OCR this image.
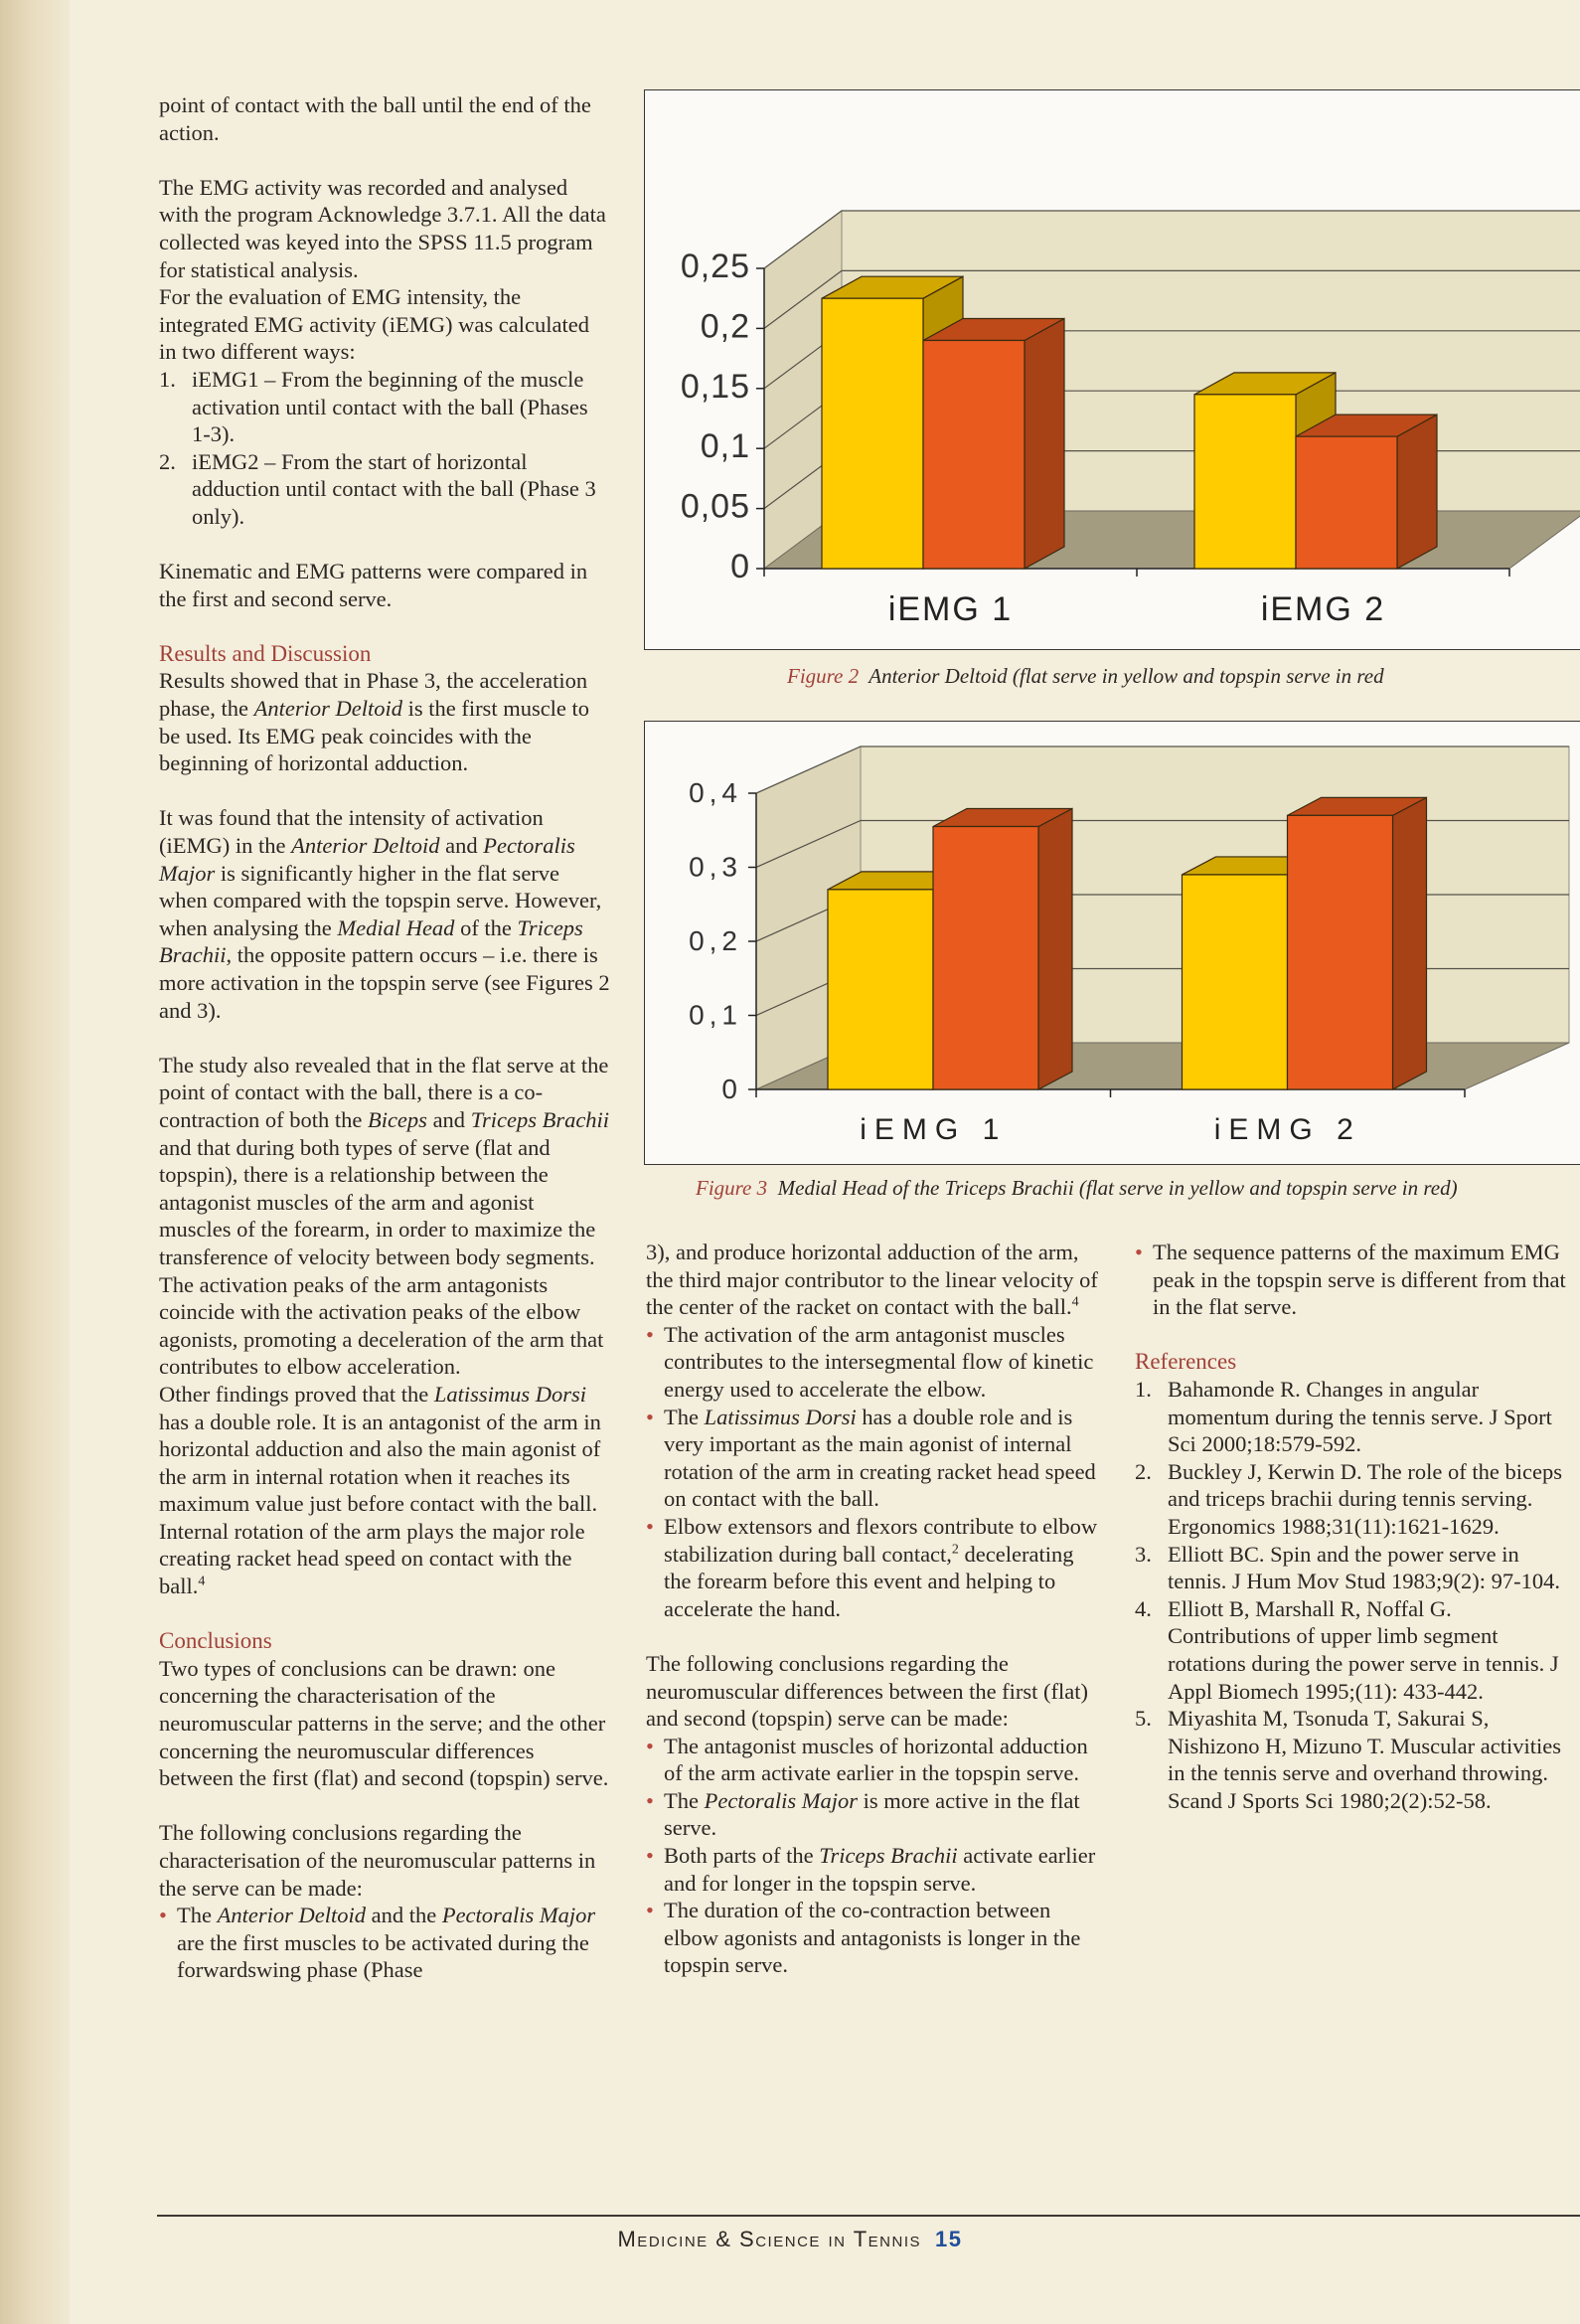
point of contact with the ball until the end of the action.

The EMG activity was recorded and analysed with the program Acknowledge 3.7.1. All the data collected was keyed into the SPSS 11.5 program for statistical analysis.

For the evaluation of EMG intensity, the integrated EMG activity (iEMG) was calculated in two different ways:

1. iEMG1 – From the beginning of the muscle activation until contact with the ball (Phases 1-3).
2. iEMG2 – From the start of horizontal adduction until contact with the ball (Phase 3 only).

Kinematic and EMG patterns were compared in the first and second serve.

Results and Discussion

Results showed that in Phase 3, the acceleration phase, the Anterior Deltoid is the first muscle to be used. Its EMG peak coincides with the beginning of horizontal adduction.

It was found that the intensity of activation (iEMG) in the Anterior Deltoid and Pectoralis Major is significantly higher in the flat serve when compared with the topspin serve. However, when analysing the Medial Head of the Triceps Brachii, the opposite pattern occurs – i.e. there is more activation in the topspin serve (see Figures 2 and 3).

The study also revealed that in the flat serve at the point of contact with the ball, there is a co-contraction of both the Biceps and Triceps Brachii and that during both types of serve (flat and topspin), there is a relationship between the antagonist muscles of the arm and agonist muscles of the forearm, in order to maximize the transference of velocity between body segments. The activation peaks of the arm antagonists coincide with the activation peaks of the elbow agonists, promoting a deceleration of the arm that contributes to elbow acceleration.

Other findings proved that the Latissimus Dorsi has a double role. It is an antagonist of the arm in horizontal adduction and also the main agonist of the arm in internal rotation when it reaches its maximum value just before contact with the ball. Internal rotation of the arm plays the major role creating racket head speed on contact with the ball.$^4$

Conclusions

Two types of conclusions can be drawn: one concerning the characterisation of the neuromuscular patterns in the serve; and the other concerning the neuromuscular differences between the first (flat) and second (topspin) serve.

The following conclusions regarding the characterisation of the neuromuscular patterns in the serve can be made:

• The Anterior Deltoid and the Pectoralis Major are the first muscles to be activated during the forwardswing phase (Phase
0
0,05
0,1
0,15
0,2
0,25
iEMG 1	iEMG 2
Figure 2 Anterior Deltoid (flat serve in yellow and topspin serve in red
0
0,1
0,2
0,3
0,4
iEMG 1	iEMG 2
Figure 3 Medial Head of the Triceps Brachii (flat serve in yellow and topspin serve in red)

3), and produce horizontal adduction of the arm, the third major contributor to the linear velocity of the center of the racket on contact with the ball.$^4$

• The activation of the arm antagonist muscles contributes to the intersegmental flow of kinetic energy used to accelerate the elbow.
• The Latissimus Dorsi has a double role and is very important as the main agonist of internal rotation of the arm in creating racket head speed on contact with the ball.
• Elbow extensors and flexors contribute to elbow stabilization during ball contact,$^2$ decelerating the forearm before this event and helping to accelerate the hand.

The following conclusions regarding the neuromuscular differences between the first (flat) and second (topspin) serve can be made:

• The antagonist muscles of horizontal adduction of the arm activate earlier in the topspin serve.
• The Pectoralis Major is more active in the flat serve.
• Both parts of the Triceps Brachii activate earlier and for longer in the topspin serve.
• The duration of the co-contraction between elbow agonists and antagonists is longer in the topspin serve.
• The sequence patterns of the maximum EMG peak in the topspin serve is different from that in the flat serve.

References

1. Bahamonde R. Changes in angular momentum during the tennis serve. J Sport Sci 2000;18:579-592.
2. Buckley J, Kerwin D. The role of the biceps and triceps brachii during tennis serving. Ergonomics 1988;31(11):1621-1629.
3. Elliott BC. Spin and the power serve in tennis. J Hum Mov Stud 1983;9(2): 97-104.
4. Elliott B, Marshall R, Noffal G. Contributions of upper limb segment rotations during the power serve in tennis. J Appl Biomech 1995;(11): 433-442.
5. Miyashita M, Tsonuda T, Sakurai S, Nishizono H, Mizuno T. Muscular activities in the tennis serve and overhand throwing. Scand J Sports Sci 1980;2(2):52-58.
Medicine & Science in Tennis 15
